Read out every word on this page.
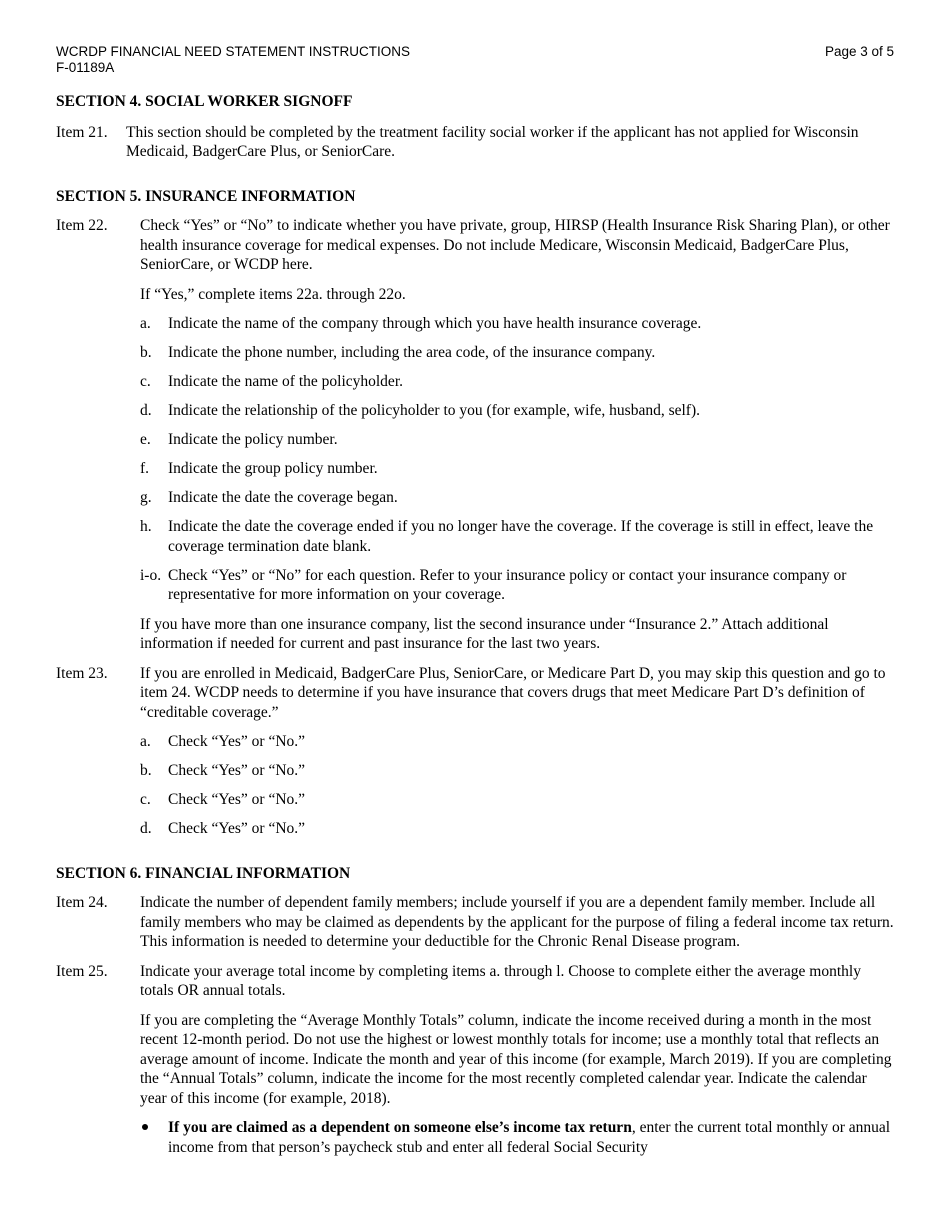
WCRDP FINANCIAL NEED STATEMENT INSTRUCTIONS
F-01189A
Page 3 of 5
SECTION 4. SOCIAL WORKER SIGNOFF
Item 21.	This section should be completed by the treatment facility social worker if the applicant has not applied for Wisconsin Medicaid, BadgerCare Plus, or SeniorCare.

SECTION 5. INSURANCE INFORMATION
Item 22.	Check “Yes” or “No” to indicate whether you have private, group, HIRSP (Health Insurance Risk Sharing Plan), or other health insurance coverage for medical expenses. Do not include Medicare, Wisconsin Medicaid, BadgerCare Plus, SeniorCare, or WCDP here.

If “Yes,” complete items 22a. through 22o.

a.	Indicate the name of the company through which you have health insurance coverage.
b.	Indicate the phone number, including the area code, of the insurance company.
c.	Indicate the name of the policyholder.
d.	Indicate the relationship of the policyholder to you (for example, wife, husband, self).
e.	Indicate the policy number.
f.	Indicate the group policy number.
g.	Indicate the date the coverage began.
h.	Indicate the date the coverage ended if you no longer have the coverage. If the coverage is still in effect, leave the coverage termination date blank.
i-o. Check “Yes” or “No” for each question. Refer to your insurance policy or contact your insurance company or representative for more information on your coverage.

If you have more than one insurance company, list the second insurance under “Insurance 2.” Attach additional information if needed for current and past insurance for the last two years.

Item 23.	If you are enrolled in Medicaid, BadgerCare Plus, SeniorCare, or Medicare Part D, you may skip this question and go to item 24. WCDP needs to determine if you have insurance that covers drugs that meet Medicare Part D’s definition of “creditable coverage.”

a.	Check “Yes” or “No.”
b.	Check “Yes” or “No.”
c.	Check “Yes” or “No.”
d.	Check “Yes” or “No.”
SECTION 6. FINANCIAL INFORMATION
Item 24.	Indicate the number of dependent family members; include yourself if you are a dependent family member. Include all family members who may be claimed as dependents by the applicant for the purpose of filing a federal income tax return. This information is needed to determine your deductible for the Chronic Renal Disease program.

Item 25.	Indicate your average total income by completing items a. through l. Choose to complete either the average monthly totals OR annual totals.

If you are completing the “Average Monthly Totals” column, indicate the income received during a month in the most recent 12-month period. Do not use the highest or lowest monthly totals for income; use a monthly total that reflects an average amount of income. Indicate the month and year of this income (for example, March 2019). If you are completing the “Annual Totals” column, indicate the income for the most recently completed calendar year. Indicate the calendar year of this income (for example, 2018).

If you are claimed as a dependent on someone else’s income tax return, enter the current total monthly or annual income from that person’s paycheck stub and enter all federal Social Security
